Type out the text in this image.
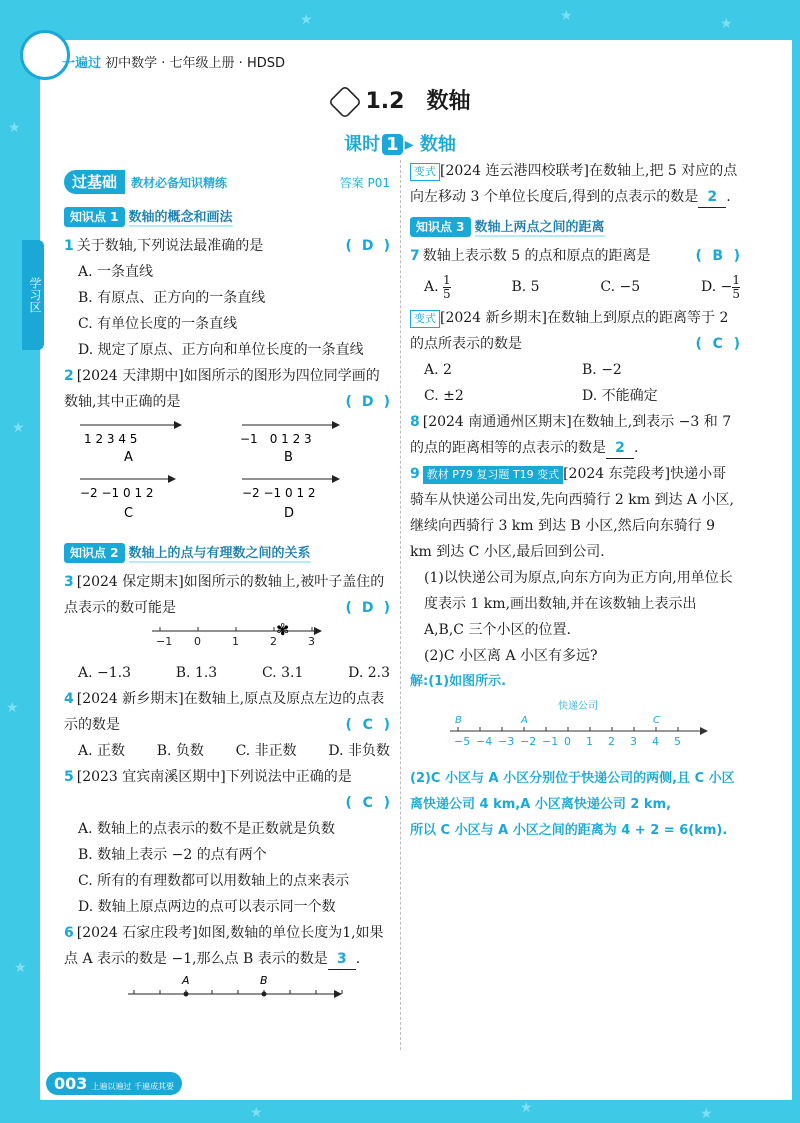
★
★
★
★
★	★	★
★	★	★
一遍过 初中数学 · 七年级上册 · HDSD
学习区
1.2　数轴
课时 1 ▸ 数轴
过基础 教材必备知识精练	答案 P01
知识点 1 数轴的概念和画法
1 关于数轴,下列说法最准确的是	( D )
A. 一条直线
B. 有原点、正方向的一条直线
C. 有单位长度的一条直线
D. 规定了原点、正方向和单位长度的一条直线
2 [2024 天津期中]如图所示的图形为四位同学画的数轴,其中正确的是	( D )

1 2 3 4 5	−1　0 1 2 3
−2 −1 0 1 2	−2 −1 0 1 2
A	B
C	D
知识点 2 数轴上的点与有理数之间的关系
3 [2024 保定期末]如图所示的数轴上,被叶子盖住的点表示的数可能是	( D )

−1 0	1	2	3
✾
A. −1.3	B. 1.3	C. 3.1	D. 2.3
4 [2024 新乡期末]在数轴上,原点及原点左边的点表示的数是	( C )
A. 正数 B. 负数 C. 非正数 D. 非负数
5 [2023 宜宾南溪区期中]下列说法中正确的是
( C )
A. 数轴上的点表示的数不是正数就是负数
B. 数轴上表示 −2 的点有两个
C. 所有的有理数都可以用数轴上的点来表示
D. 数轴上原点两边的点可以表示同一个数
6 [2024 石家庄段考]如图,数轴的单位长度为1,如果点 A 表示的数是 −1,那么点 B 表示的数是 3 .
A	B
变式 [2024 连云港四校联考]在数轴上,把 5 对应的点向左移动 3 个单位长度后,得到的点表示的数是 2 .
知识点 3 数轴上两点之间的距离
7 数轴上表示数 5 的点和原点的距离是	( B )
A. $\frac{1}{5}$	B. 5	C. −5	D. − $\frac{1}{5}$
变式 [2024 新乡期末]在数轴上到原点的距离等于 2 的点所表示的数是	( C )
A. 2	B. −2
C. ±2	D. 不能确定
8 [2024 南通通州区期末]在数轴上,到表示 −3 和 7 的点的距离相等的点表示的数是 2 .
9 教材 P79 复习题 T19 变式 [2024 东莞段考]快递小哥骑车从快递公司出发,先向西骑行 2 km 到达 A 小区,继续向西骑行 3 km 到达 B 小区,然后向东骑行 9 km 到达 C 小区,最后回到公司.
(1)以快递公司为原点,向东方向为正方向,用单位长度表示 1 km,画出数轴,并在该数轴上表示出 A,B,C 三个小区的位置.
(2)C 小区离 A 小区有多远?
解:(1)如图所示.
−5 −4 −3 −2 −1 0 1 2 3 4 5
B	A	C
快递公司
(2)C 小区与 A 小区分别位于快递公司的两侧,且 C 小区离快递公司 4 km,A 小区离快递公司 2 km,
所以 C 小区与 A 小区之间的距离为 4 + 2 = 6(km).
003 上遍以遍过 千遍成其要
